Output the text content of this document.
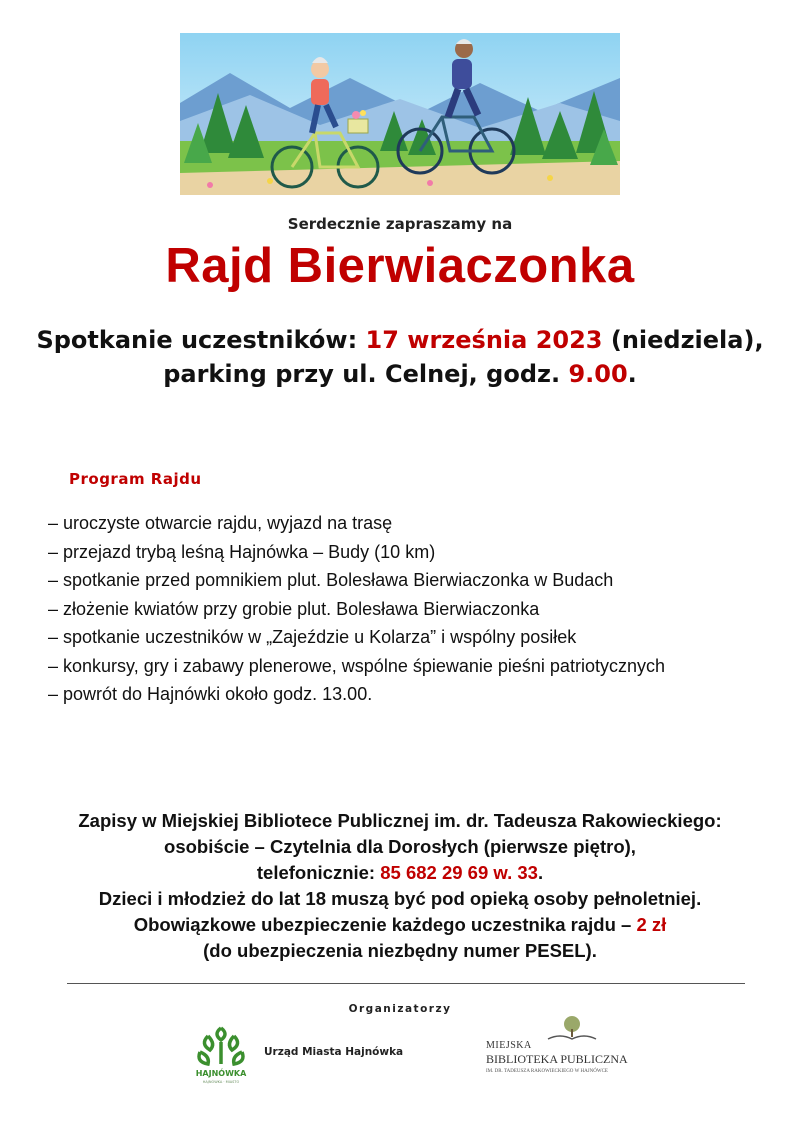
Serdecznie zapraszamy na
Rajd Bierwiaczonka
Spotkanie uczestników: 17 września 2023 (niedziela),
parking przy ul. Celnej, godz. 9.00.
Program Rajdu
– uroczyste otwarcie rajdu, wyjazd na trasę
– przejazd trybą leśną Hajnówka – Budy (10 km)
– spotkanie przed pomnikiem plut. Bolesława Bierwiaczonka w Budach
– złożenie kwiatów przy grobie plut. Bolesława Bierwiaczonka
– spotkanie uczestników w „Zajeździe u Kolarza” i wspólny posiłek
– konkursy, gry i zabawy plenerowe, wspólne śpiewanie pieśni patriotycznych
– powrót do Hajnówki około godz. 13.00.
Zapisy w Miejskiej Bibliotece Publicznej im. dr. Tadeusza Rakowieckiego:
osobiście – Czytelnia dla Dorosłych (pierwsze piętro),
telefonicznie: 85 682 29 69 w. 33.
Dzieci i młodzież do lat 18 muszą być pod opieką osoby pełnoletniej.
Obowiązkowe ubezpieczenie każdego uczestnika rajdu – 2 zł
(do ubezpieczenia niezbędny numer PESEL).
Organizatorzy
HAJNÓWKA
HAJNÓWKA · MIASTO
Urząd Miasta Hajnówka
MIEJSKA
BIBLIOTEKA PUBLICZNA
IM. DR. TADEUSZA RAKOWIECKIEGO W HAJNÓWCE
